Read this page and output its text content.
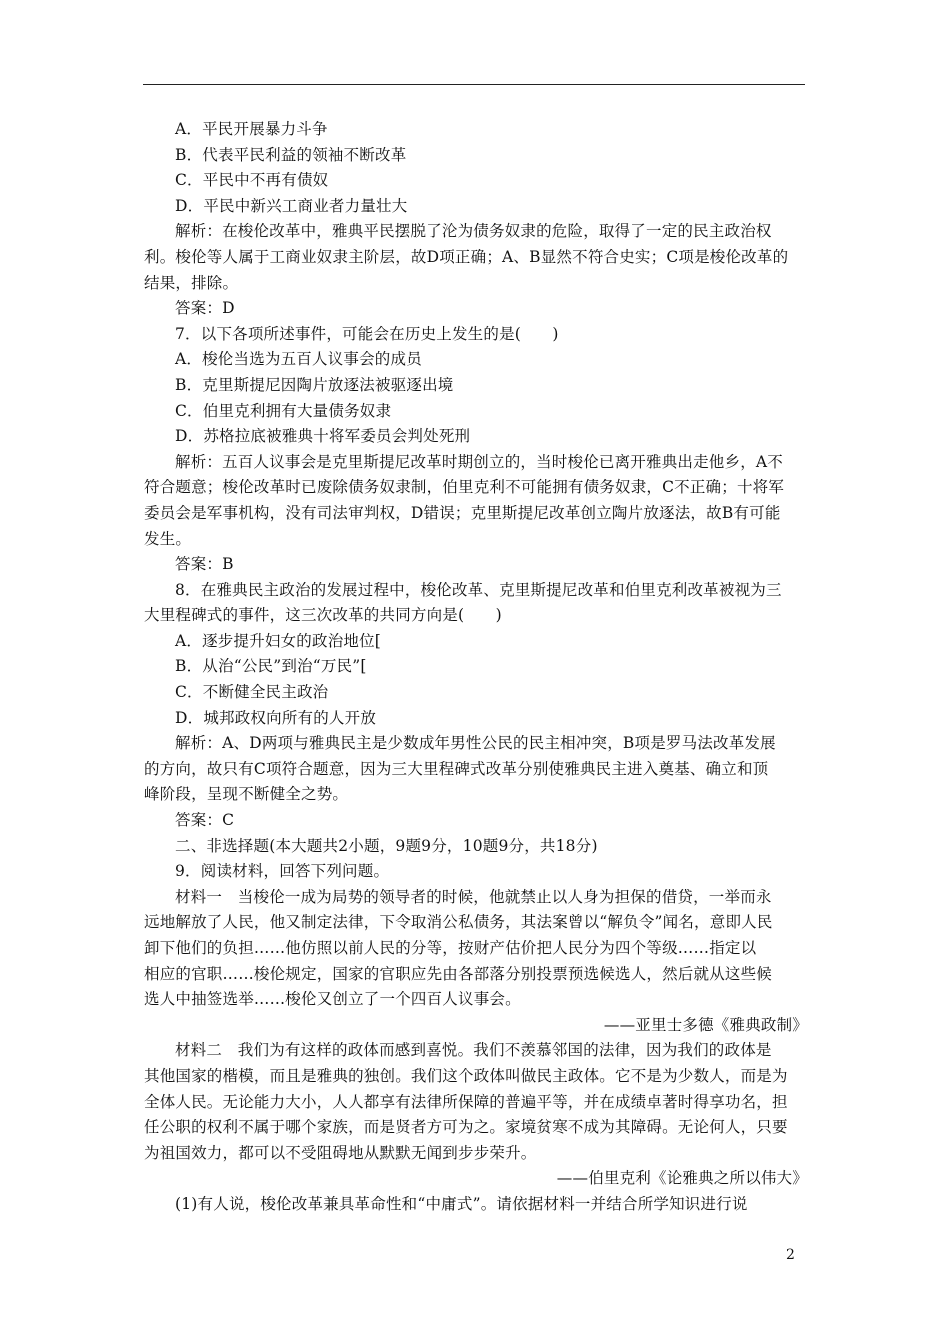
A．平民开展暴力斗争
B．代表平民利益的领袖不断改革
C．平民中不再有债奴
D．平民中新兴工商业者力量壮大
解析：在梭伦改革中，雅典平民摆脱了沦为债务奴隶的危险，取得了一定的民主政治权
利。梭伦等人属于工商业奴隶主阶层，故D项正确；A、B显然不符合史实；C项是梭伦改革的
结果，排除。
答案：D
7．以下各项所述事件，可能会在历史上发生的是(　　)
A．梭伦当选为五百人议事会的成员
B．克里斯提尼因陶片放逐法被驱逐出境
C．伯里克利拥有大量债务奴隶
D．苏格拉底被雅典十将军委员会判处死刑
解析：五百人议事会是克里斯提尼改革时期创立的，当时梭伦已离开雅典出走他乡，A不
符合题意；梭伦改革时已废除债务奴隶制，伯里克利不可能拥有债务奴隶，C不正确；十将军
委员会是军事机构，没有司法审判权，D错误；克里斯提尼改革创立陶片放逐法，故B有可能
发生。
答案：B
8．在雅典民主政治的发展过程中，梭伦改革、克里斯提尼改革和伯里克利改革被视为三
大里程碑式的事件，这三次改革的共同方向是(　　)
A．逐步提升妇女的政治地位[
B．从治“公民”到治“万民”[
C．不断健全民主政治
D．城邦政权向所有的人开放
解析：A、D两项与雅典民主是少数成年男性公民的民主相冲突，B项是罗马法改革发展
的方向，故只有C项符合题意，因为三大里程碑式改革分别使雅典民主进入奠基、确立和顶
峰阶段，呈现不断健全之势。
答案：C
二、非选择题(本大题共2小题，9题9分，10题9分，共18分)
9．阅读材料，回答下列问题。
材料一　当梭伦一成为局势的领导者的时候，他就禁止以人身为担保的借贷，一举而永
远地解放了人民，他又制定法律，下令取消公私债务，其法案曾以“解负令”闻名，意即人民
卸下他们的负担……他仿照以前人民的分等，按财产估价把人民分为四个等级……指定以
相应的官职……梭伦规定，国家的官职应先由各部落分别投票预选候选人，然后就从这些候
选人中抽签选举……梭伦又创立了一个四百人议事会。
——亚里士多德《雅典政制》
材料二　我们为有这样的政体而感到喜悦。我们不羡慕邻国的法律，因为我们的政体是
其他国家的楷模，而且是雅典的独创。我们这个政体叫做民主政体。它不是为少数人，而是为
全体人民。无论能力大小，人人都享有法律所保障的普遍平等，并在成绩卓著时得享功名，担
任公职的权利不属于哪个家族，而是贤者方可为之。家境贫寒不成为其障碍。无论何人，只要
为祖国效力，都可以不受阻碍地从默默无闻到步步荣升。
——伯里克利《论雅典之所以伟大》
(1)有人说，梭伦改革兼具革命性和“中庸式”。请依据材料一并结合所学知识进行说
2
